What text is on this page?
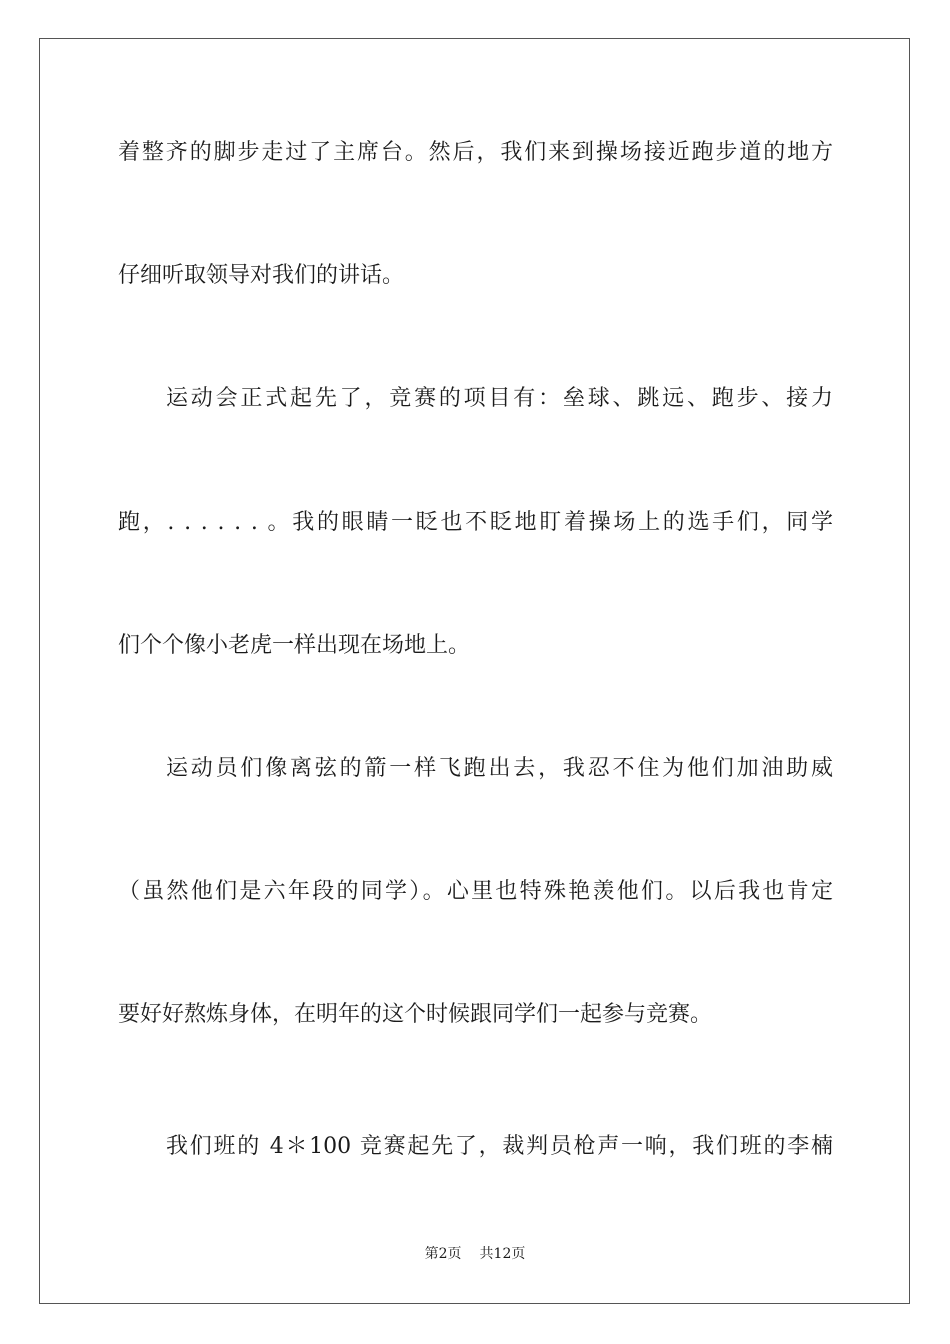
着整齐的脚步走过了主席台。然后，我们来到操场接近跑步道的地方
仔细听取领导对我们的讲话。
运动会正式起先了，竞赛的项目有：垒球、跳远、跑步、接力
跑，. . . . . . 。我的眼睛一眨也不眨地盯着操场上的选手们，同学
们个个像小老虎一样出现在场地上。
运动员们像离弦的箭一样飞跑出去，我忍不住为他们加油助威
（虽然他们是六年段的同学）。心里也特殊艳羡他们。以后我也肯定
要好好熬炼身体，在明年的这个时候跟同学们一起参与竞赛。
我们班的 4＊100 竞赛起先了，裁判员枪声一响，我们班的李楠
第2页 共12页
